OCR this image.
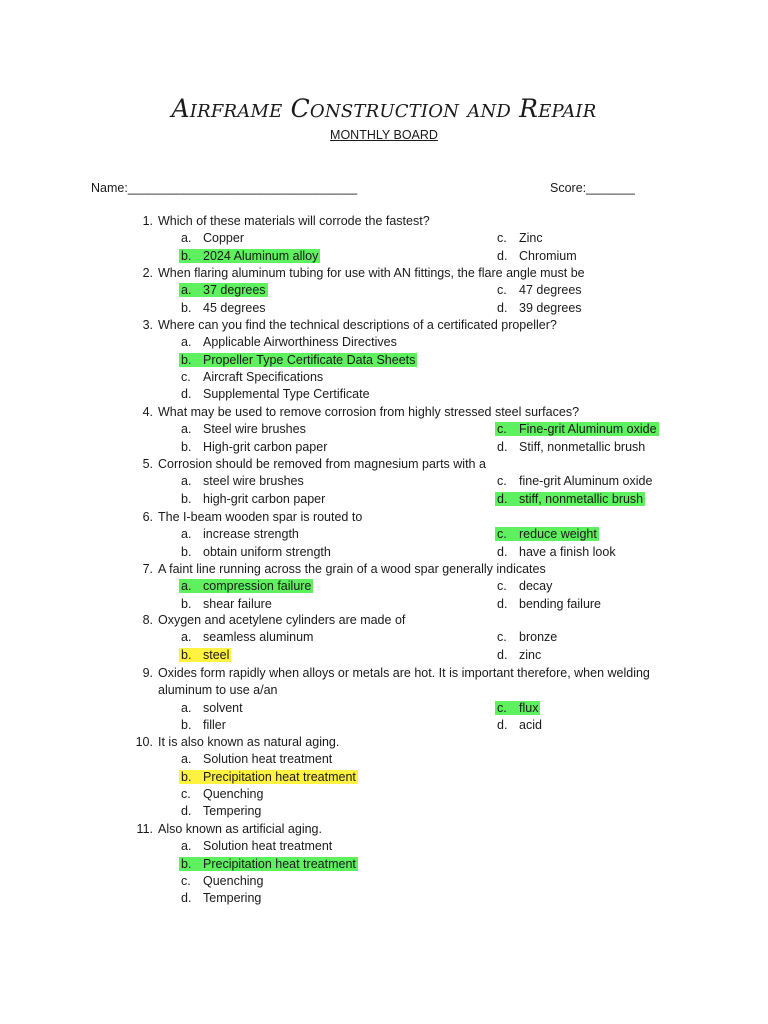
Airframe Construction and Repair
MONTHLY BOARD
Name:_________________________________	Score:_______
1. Which of these materials will corrode the fastest?
a. Copper
b. 2024 Aluminum alloy
c. Zinc
d. Chromium
2. When flaring aluminum tubing for use with AN fittings, the flare angle must be
a. 37 degrees
b. 45 degrees
c. 47 degrees
d. 39 degrees
3. Where can you find the technical descriptions of a certificated propeller?
a. Applicable Airworthiness Directives
b. Propeller Type Certificate Data Sheets
c. Aircraft Specifications
d. Supplemental Type Certificate
4. What may be used to remove corrosion from highly stressed steel surfaces?
a. Steel wire brushes
b. High-grit carbon paper
c. Fine-grit Aluminum oxide
d. Stiff, nonmetallic brush
5. Corrosion should be removed from magnesium parts with a
a. steel wire brushes
b. high-grit carbon paper
c. fine-grit Aluminum oxide
d. stiff, nonmetallic brush
6. The I-beam wooden spar is routed to
a. increase strength
b. obtain uniform strength
c. reduce weight
d. have a finish look
7. A faint line running across the grain of a wood spar generally indicates
a. compression failure
b. shear failure
c. decay
d. bending failure
8. Oxygen and acetylene cylinders are made of
a. seamless aluminum
b. steel
c. bronze
d. zinc
9. Oxides form rapidly when alloys or metals are hot. It is important therefore, when welding aluminum to use a/an
a. solvent
b. filler
c. flux
d. acid
10. It is also known as natural aging.
a. Solution heat treatment
b. Precipitation heat treatment
c. Quenching
d. Tempering
11. Also known as artificial aging.
a. Solution heat treatment
b. Precipitation heat treatment
c. Quenching
d. Tempering
